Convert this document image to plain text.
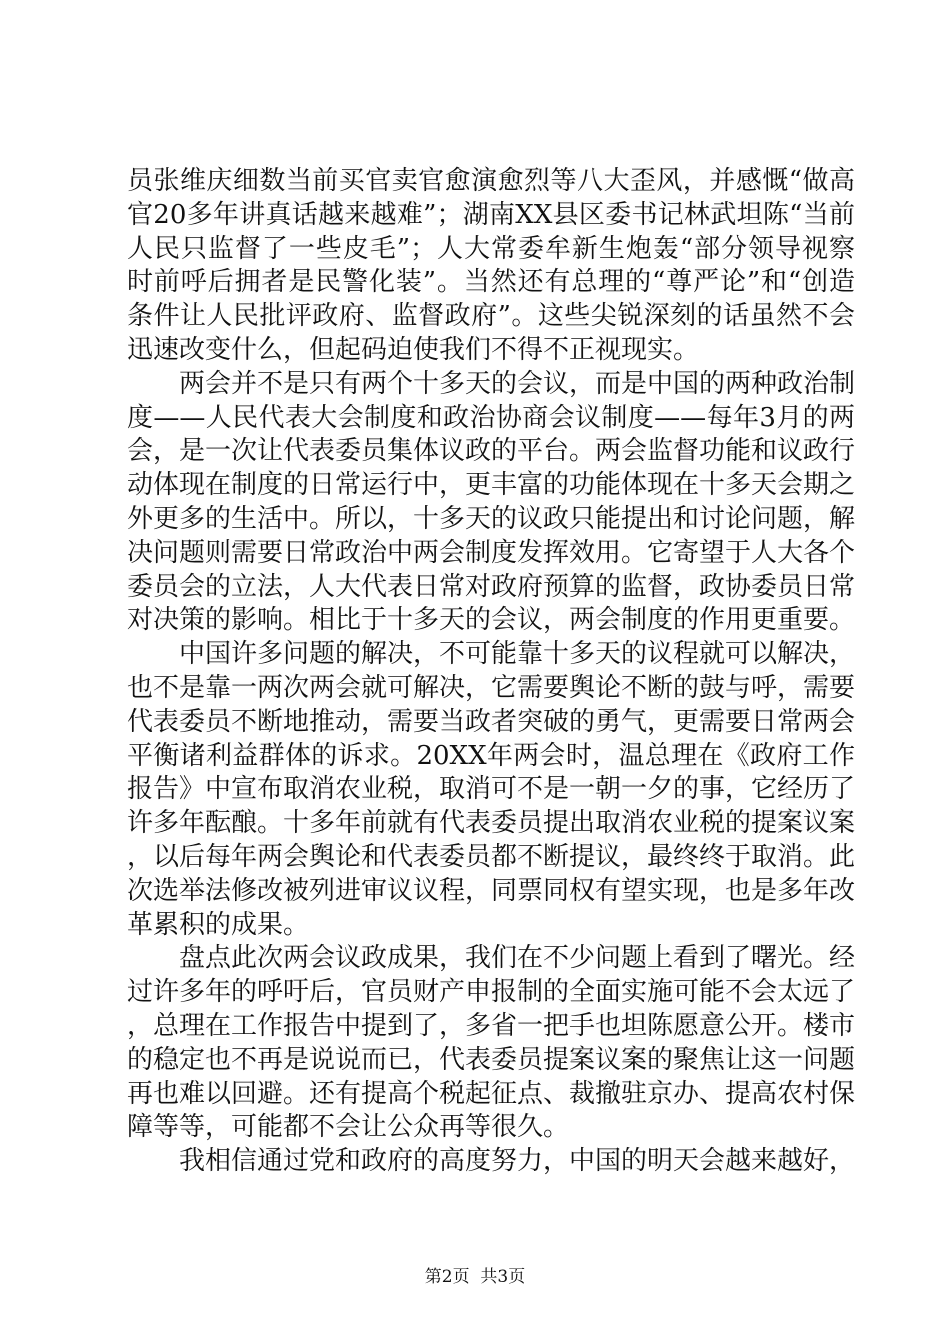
员张维庆细数当前买官卖官愈演愈烈等八大歪风，并感慨“做高官20多年讲真话越来越难”；湖南XX县区委书记林武坦陈“当前人民只监督了一些皮毛”；人大常委牟新生炮轰“部分领导视察时前呼后拥者是民警化装”。当然还有总理的“尊严论”和“创造条件让人民批评政府、监督政府”。这些尖锐深刻的话虽然不会迅速改变什么，但起码迫使我们不得不正视现实。

两会并不是只有两个十多天的会议，而是中国的两种政治制度——人民代表大会制度和政治协商会议制度——每年3月的两会，是一次让代表委员集体议政的平台。两会监督功能和议政行动体现在制度的日常运行中，更丰富的功能体现在十多天会期之外更多的生活中。所以，十多天的议政只能提出和讨论问题，解决问题则需要日常政治中两会制度发挥效用。它寄望于人大各个委员会的立法，人大代表日常对政府预算的监督，政协委员日常对决策的影响。相比于十多天的会议，两会制度的作用更重要。

中国许多问题的解决，不可能靠十多天的议程就可以解决，也不是靠一两次两会就可解决，它需要舆论不断的鼓与呼，需要代表委员不断地推动，需要当政者突破的勇气，更需要日常两会平衡诸利益群体的诉求。20XX年两会时，温总理在《政府工作报告》中宣布取消农业税，取消可不是一朝一夕的事，它经历了许多年酝酿。十多年前就有代表委员提出取消农业税的提案议案，以后每年两会舆论和代表委员都不断提议，最终终于取消。此次选举法修改被列进审议议程，同票同权有望实现，也是多年改革累积的成果。

盘点此次两会议政成果，我们在不少问题上看到了曙光。经过许多年的呼吁后，官员财产申报制的全面实施可能不会太远了，总理在工作报告中提到了，多省一把手也坦陈愿意公开。楼市的稳定也不再是说说而已，代表委员提案议案的聚焦让这一问题再也难以回避。还有提高个税起征点、裁撤驻京办、提高农村保障等等，可能都不会让公众再等很久。

我相信通过党和政府的高度努力，中国的明天会越来越好，

第2页  共3页
